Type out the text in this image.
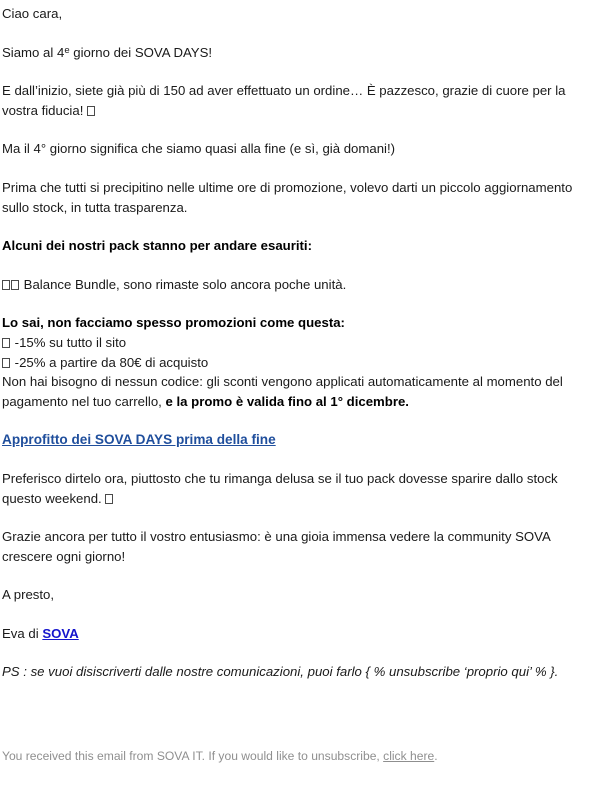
Ciao cara,

Siamo al 4e giorno dei SOVA DAYS!

E dall’inizio, siete già più di 150 ad aver effettuato un ordine… È pazzesco, grazie di cuore per la vostra fiducia!

Ma il 4° giorno significa che siamo quasi alla fine (e sì, già domani!)

Prima che tutti si precipitino nelle ultime ore di promozione, volevo darti un piccolo aggiornamento sullo stock, in tutta trasparenza.

Alcuni dei nostri pack stanno per andare esauriti:

Balance Bundle, sono rimaste solo ancora poche unità.

Lo sai, non facciamo spesso promozioni come questa:

-15% su tutto il sito

-25% a partire da 80€ di acquisto

Non hai bisogno di nessun codice: gli sconti vengono applicati automaticamente al momento del pagamento nel tuo carrello, e la promo è valida fino al 1° dicembre.

Approfitto dei SOVA DAYS prima della fine

Preferisco dirtelo ora, piuttosto che tu rimanga delusa se il tuo pack dovesse sparire dallo stock questo weekend.

Grazie ancora per tutto il vostro entusiasmo: è una gioia immensa vedere la community SOVA crescere ogni giorno!

A presto,

Eva di SOVA

PS : se vuoi disiscriverti dalle nostre comunicazioni, puoi farlo { % unsubscribe ‘proprio qui’ % }.

You received this email from SOVA IT. If you would like to unsubscribe, click here.
